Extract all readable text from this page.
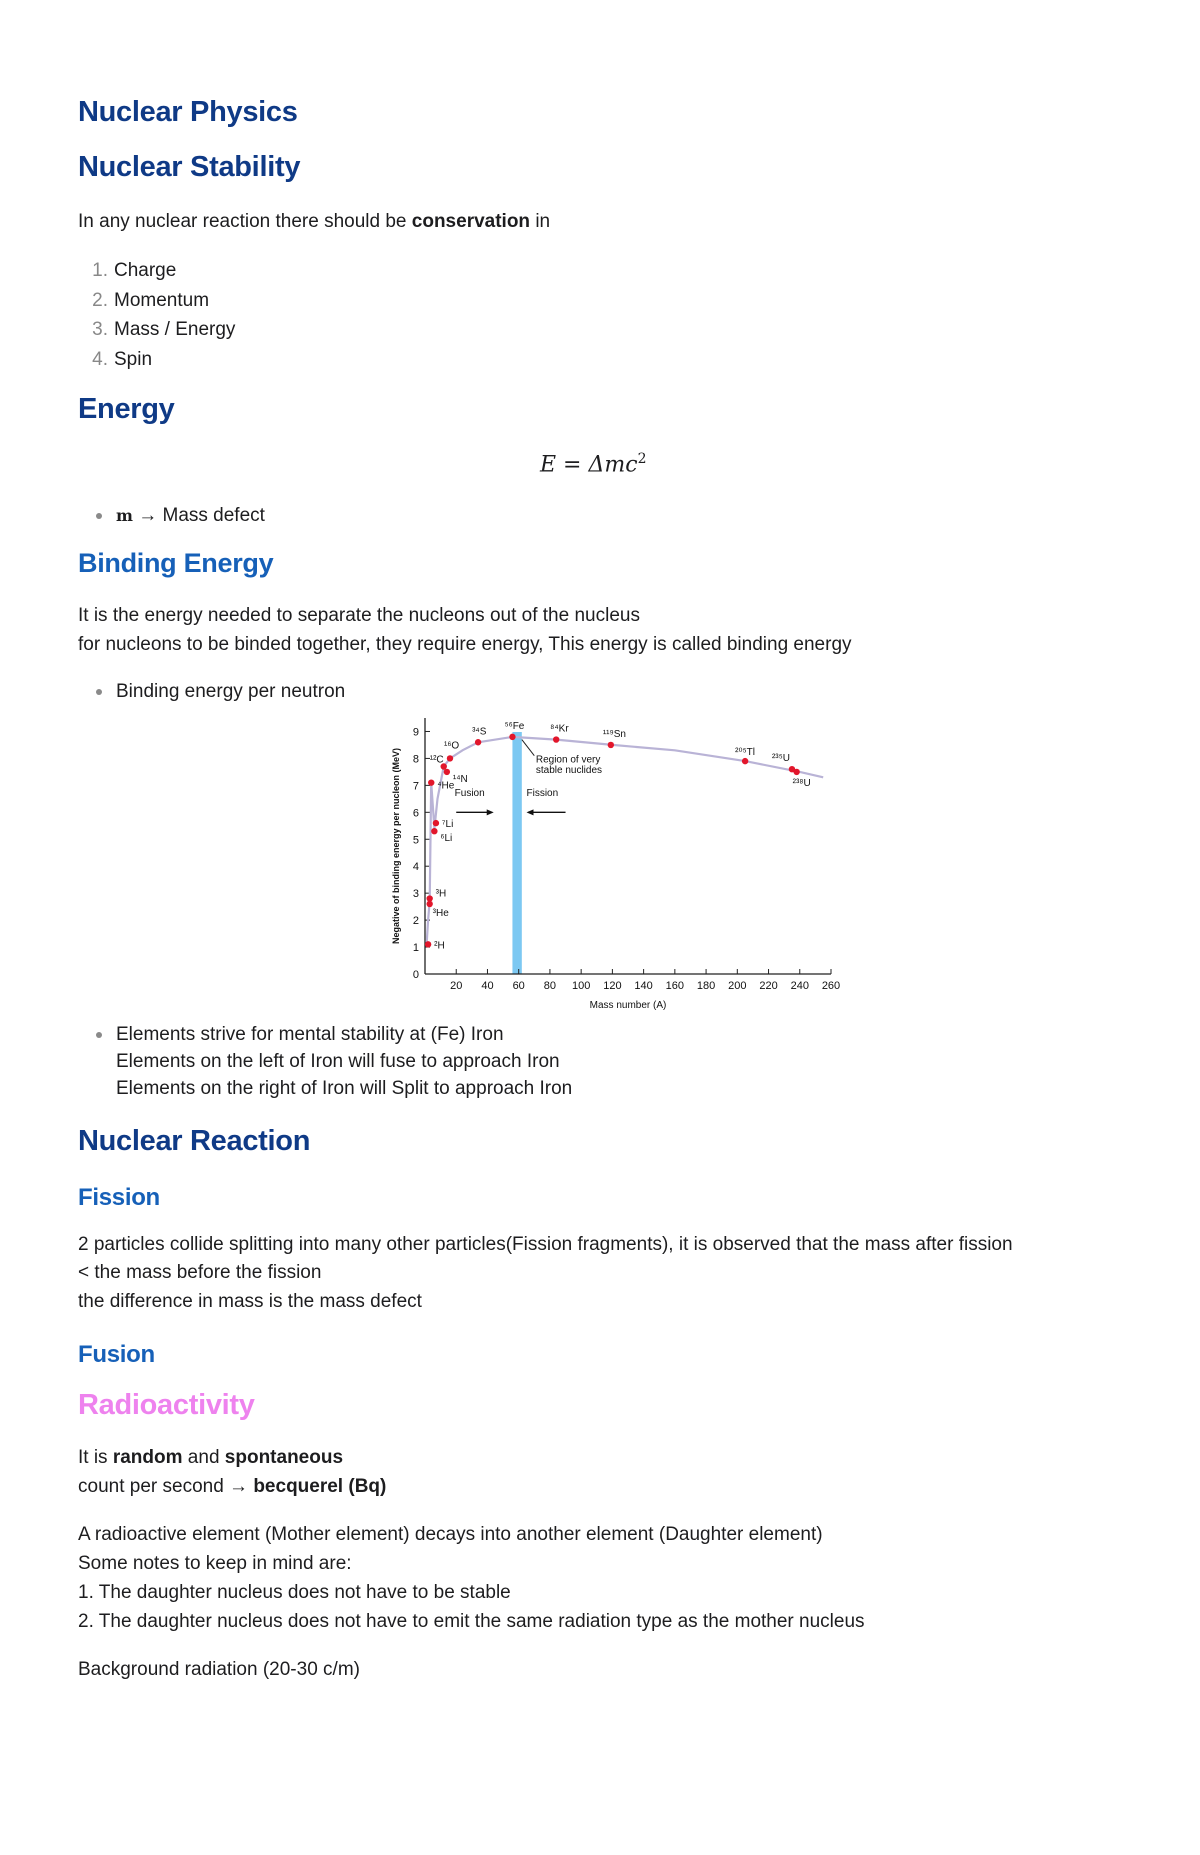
Nuclear Physics
Nuclear Stability
In any nuclear reaction there should be conservation in
1. Charge
2. Momentum
3. Mass / Energy
4. Spin
Energy
E = Δmc$^2$
m → Mass defect
Binding Energy
It is the energy needed to separate the nucleons out of the nucleus
for nucleons to be binded together, they require energy, This energy is called binding energy
Binding energy per neutron
Elements strive for mental stability at (Fe) Iron
Elements on the left of Iron will fuse to approach Iron
Elements on the right of Iron will Split to approach Iron
Nuclear Reaction
Fission
2 particles collide splitting into many other particles(Fission fragments), it is observed that the mass after fission
< the mass before the fission
the difference in mass is the mass defect
Fusion
Radioactivity
It is random and spontaneous
count per second → becquerel (Bq)
A radioactive element (Mother element) decays into another element (Daughter element)
Some notes to keep in mind are:
1. The daughter nucleus does not have to be stable
2. The daughter nucleus does not have to emit the same radiation type as the mother nucleus
Background radiation (20-30 c/m)
0
1
2
3
4
5
6
7
8
9
20 40 60 80 100 120 140 160 180 200 220 240 260
Mass number (A)
Negative of binding energy per nucleon (MeV)
²H
³H
³He
⁴He
⁶Li
⁷Li
¹²C
¹⁴N
¹⁶O
³⁴S ⁵⁶Fe	⁸⁴Kr	¹¹⁹Sn
²⁰⁵Tl
²³⁵U
²³⁸U
Region of very
stable nuclides
Fusion	Fission
